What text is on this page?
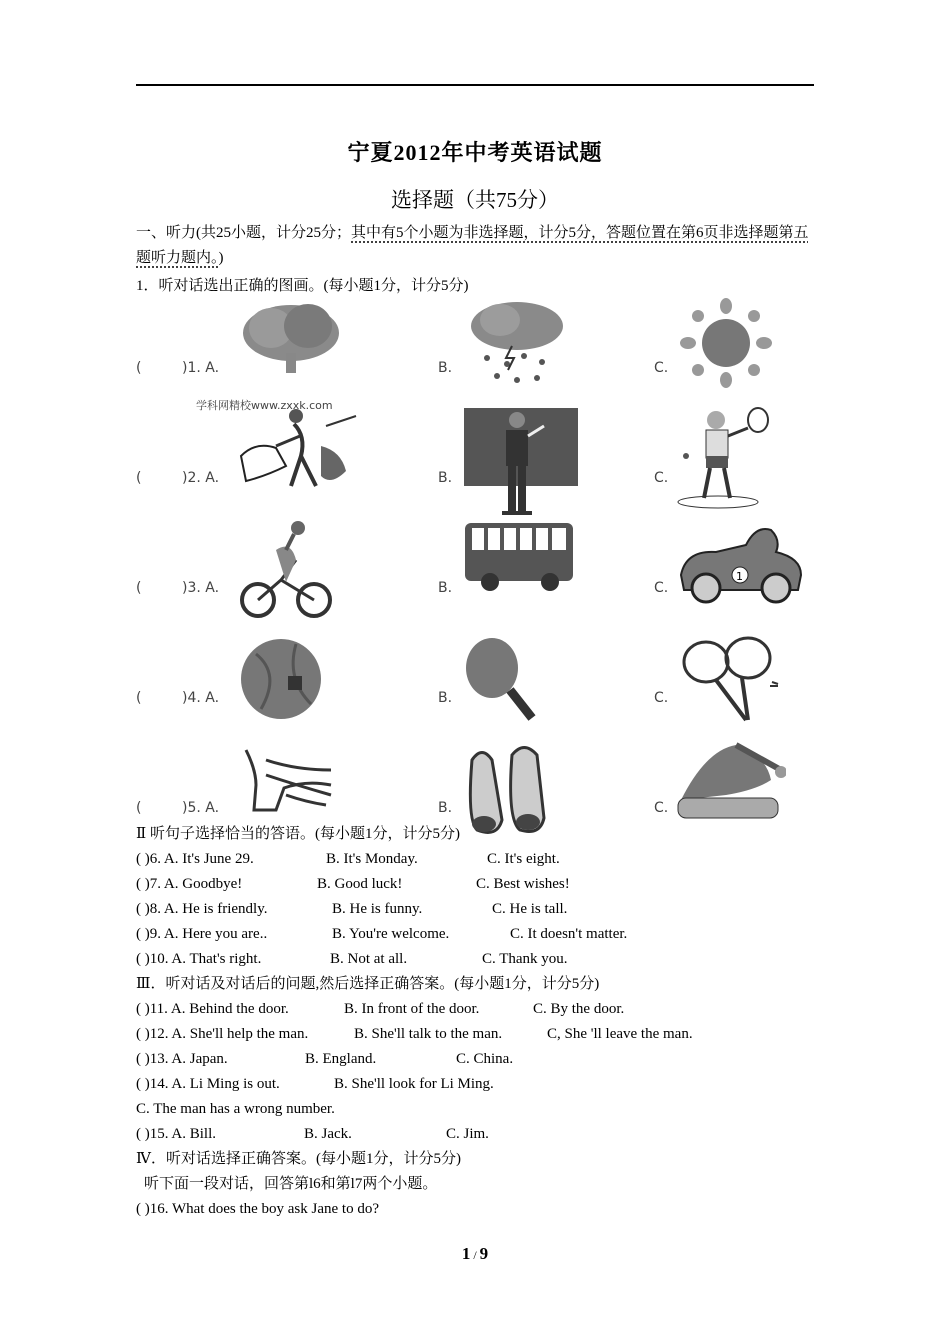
宁夏2012年中考英语试题
选择题（共75分）
一、听力(共25小题，计分25分；其中有5个小题为非选择题，计分5分，答题位置在第6页非选择题第五题听力题内。)
1．听对话选出正确的图画。(每小题1分，计分5分)
(	)1. A.	B.	C.
(	)2. A.	B.	C.
(	)3. A.	B.	C.
1
(	)4. A.	B.	C.
(	)5. A.	B.	C.
学科网精校www.zxxk.com
Ⅱ 听句子选择恰当的答语。(每小题1分，计分5分)
( )6. A. It's June 29.	B. It's Monday.	C. It's eight.
( )7. A. Goodbye!	B. Good luck!	C. Best wishes!
( )8. A. He is friendly.	B. He is funny.	C. He is tall.
( )9. A. Here you are..	B. You're welcome.	C. It doesn't matter.
( )10. A. That's right.	B. Not at all.	C. Thank you.
Ⅲ．听对话及对话后的问题,然后选择正确答案。(每小题1分，计分5分)
( )11. A. Behind the door.	B. In front of the door.	C. By the door.
( )12. A. She'll help the man.	B. She'll talk to the man.	C, She 'll leave the man.
( )13. A. Japan.	B. England.	C. China.
( )14. A. Li Ming is out.	B. She'll look for Li Ming.
C. The man has a wrong number.
( )15. A. Bill.	B. Jack.	C. Jim.
Ⅳ．听对话选择正确答案。(每小题1分，计分5分)
听下面一段对话，回答第l6和第l7两个小题。
( )16. What does the boy ask Jane to do?
1 / 9
